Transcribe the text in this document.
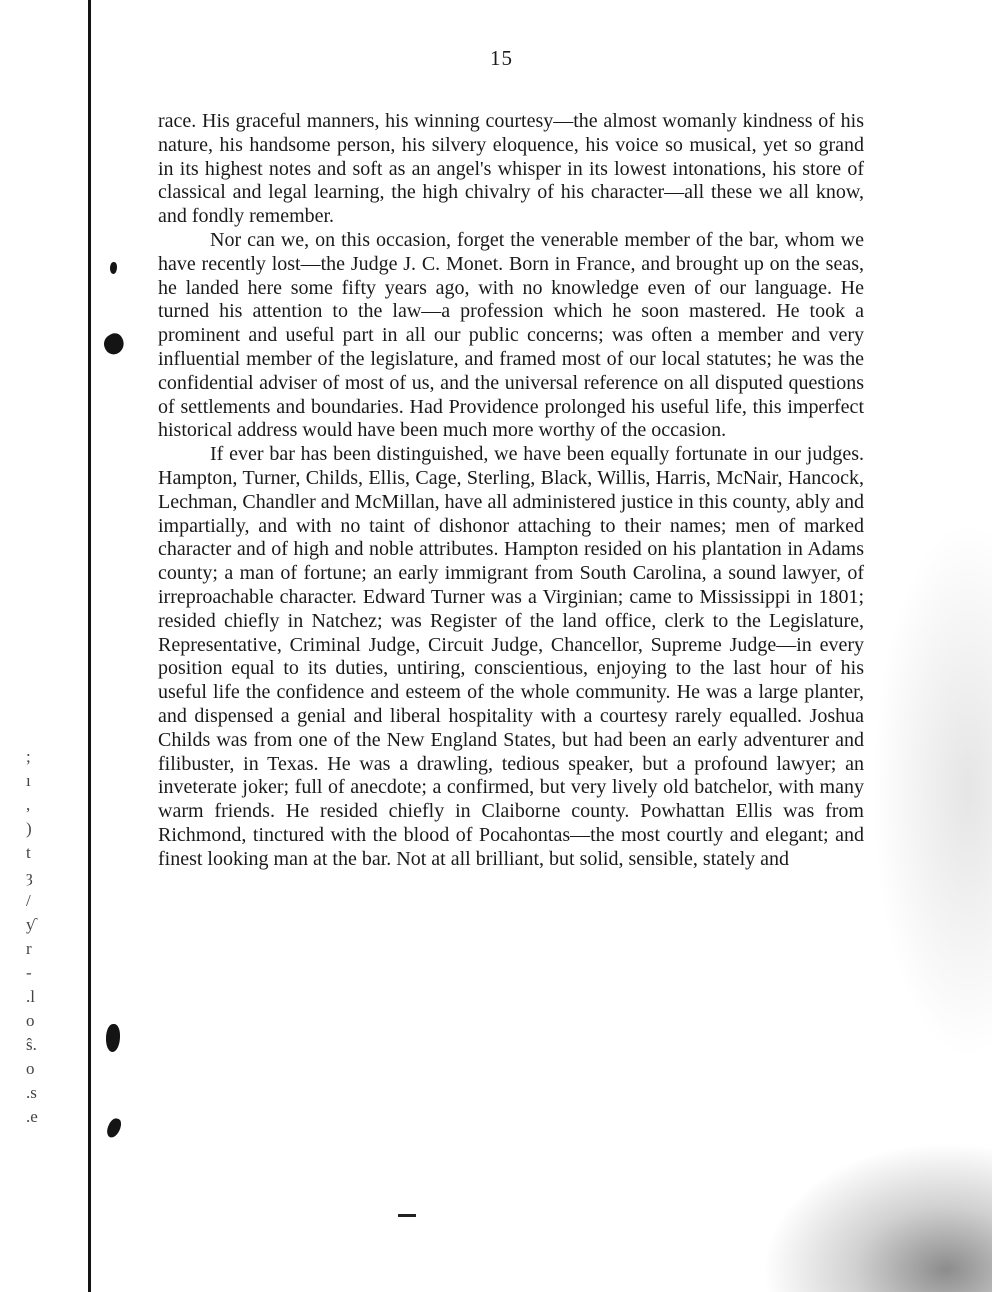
15

race. His graceful manners, his winning courtesy—the almost womanly kindness of his nature, his handsome person, his silvery eloquence, his voice so musical, yet so grand in its highest notes and soft as an angel's whisper in its lowest intonations, his store of classical and legal learning, the high chivalry of his character—all these we all know, and fondly remember.

Nor can we, on this occasion, forget the venerable member of the bar, whom we have recently lost—the Judge J. C. Monet. Born in France, and brought up on the seas, he landed here some fifty years ago, with no knowledge even of our language. He turned his attention to the law—a profession which he soon mastered. He took a prominent and useful part in all our public concerns; was often a member and very influential member of the legislature, and framed most of our local statutes; he was the confidential adviser of most of us, and the universal reference on all disputed questions of settlements and boundaries. Had Providence prolonged his useful life, this imperfect historical address would have been much more worthy of the occasion.

If ever bar has been distinguished, we have been equally fortunate in our judges. Hampton, Turner, Childs, Ellis, Cage, Sterling, Black, Willis, Harris, McNair, Hancock, Lechman, Chandler and McMillan, have all administered justice in this county, ably and impartially, and with no taint of dishonor attaching to their names; men of marked character and of high and noble attributes. Hampton resided on his plantation in Adams county; a man of fortune; an early immigrant from South Carolina, a sound lawyer, of irreproachable character. Edward Turner was a Virginian; came to Mississippi in 1801; resided chiefly in Natchez; was Register of the land office, clerk to the Legislature, Representative, Criminal Judge, Circuit Judge, Chancellor, Supreme Judge—in every position equal to its duties, untiring, conscientious, enjoying to the last hour of his useful life the confidence and esteem of the whole community. He was a large planter, and dispensed a genial and liberal hospitality with a courtesy rarely equalled. Joshua Childs was from one of the New England States, but had been an early adventurer and filibuster, in Texas. He was a drawling, tedious speaker, but a profound lawyer; an inveterate joker; full of anecdote; a confirmed, but very lively old batchelor, with many warm friends. He resided chiefly in Claiborne county. Powhattan Ellis was from Richmond, tinctured with the blood of Pocahontas—the most courtly and elegant; and finest looking man at the bar. Not at all brilliant, but solid, sensible, stately and

;
ı
,
)
t
ȝ
/
ƴ
r
-
.l
o
ŝ.
o
.s
.e
